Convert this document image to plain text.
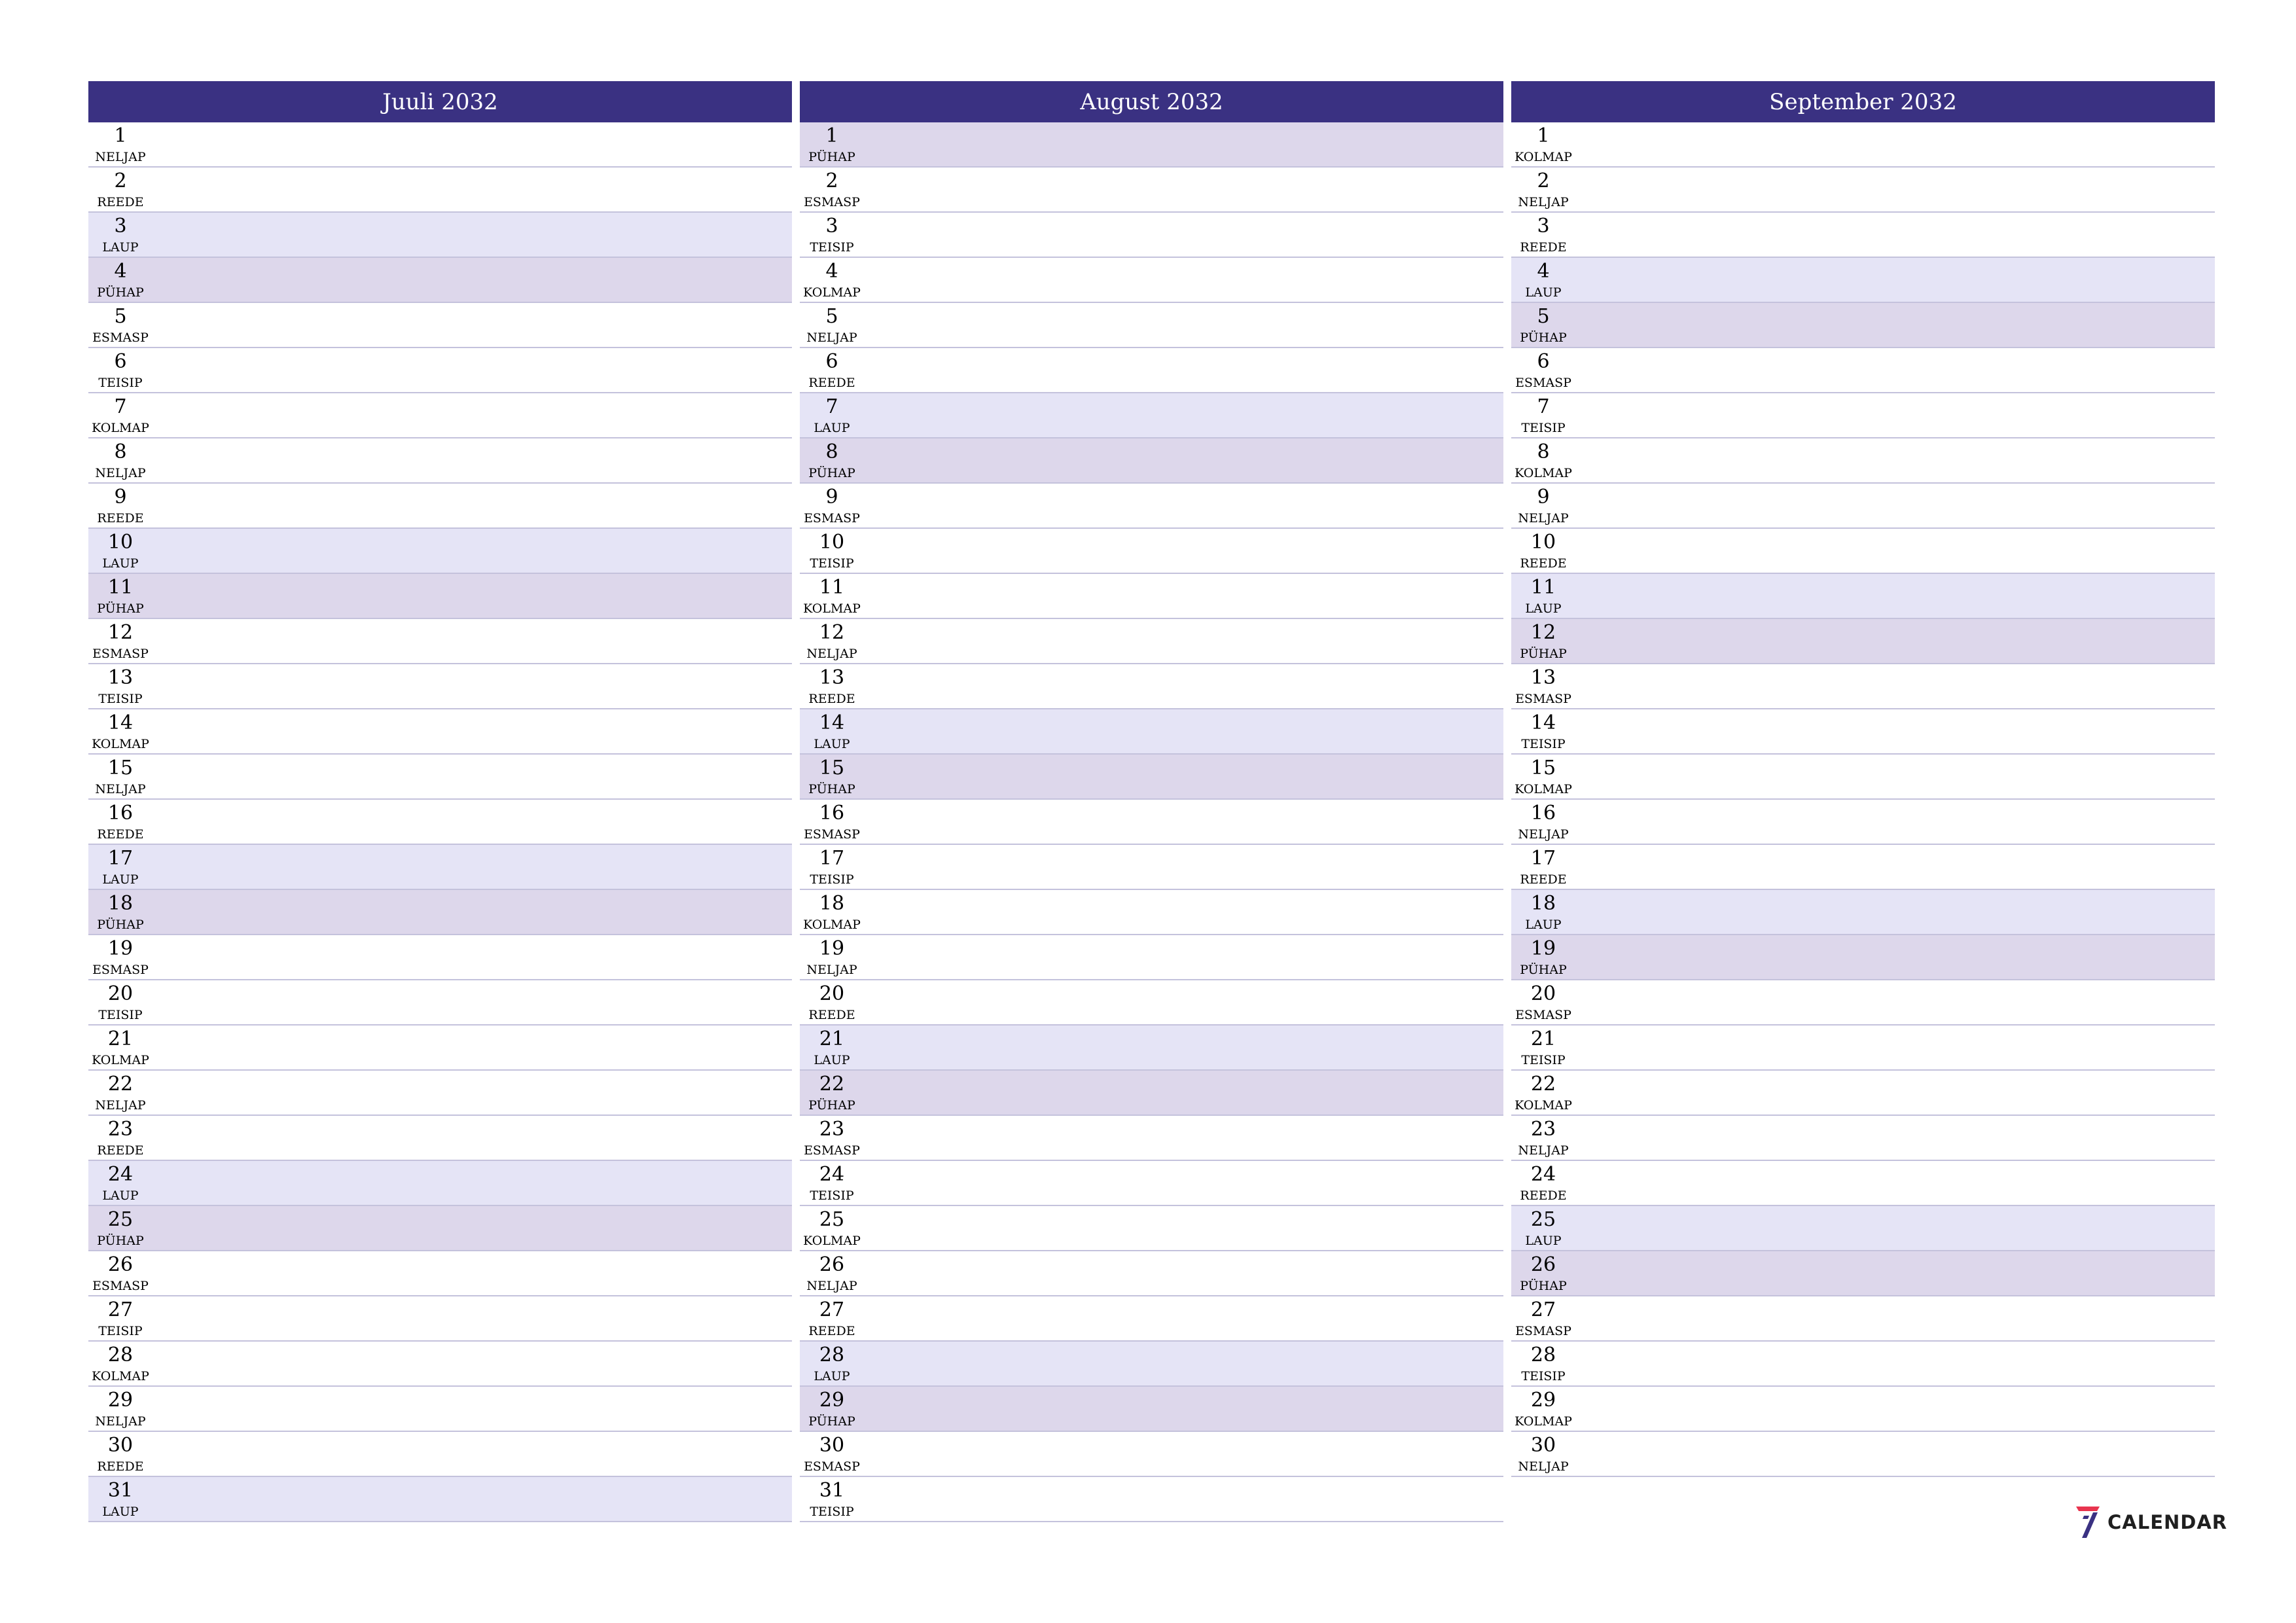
Juuli 2032
1
NELJAP
2
REEDE
3
LAUP
4
PÜHAP
5
ESMASP
6
TEISIP
7
KOLMAP
8
NELJAP
9
REEDE
10
LAUP
11
PÜHAP
12
ESMASP
13
TEISIP
14
KOLMAP
15
NELJAP
16
REEDE
17
LAUP
18
PÜHAP
19
ESMASP
20
TEISIP
21
KOLMAP
22
NELJAP
23
REEDE
24
LAUP
25
PÜHAP
26
ESMASP
27
TEISIP
28
KOLMAP
29
NELJAP
30
REEDE
31
LAUP
August 2032
1
PÜHAP
2
ESMASP
3
TEISIP
4
KOLMAP
5
NELJAP
6
REEDE
7
LAUP
8
PÜHAP
9
ESMASP
10
TEISIP
11
KOLMAP
12
NELJAP
13
REEDE
14
LAUP
15
PÜHAP
16
ESMASP
17
TEISIP
18
KOLMAP
19
NELJAP
20
REEDE
21
LAUP
22
PÜHAP
23
ESMASP
24
TEISIP
25
KOLMAP
26
NELJAP
27
REEDE
28
LAUP
29
PÜHAP
30
ESMASP
31
TEISIP
September 2032
1
KOLMAP
2
NELJAP
3
REEDE
4
LAUP
5
PÜHAP
6
ESMASP
7
TEISIP
8
KOLMAP
9
NELJAP
10
REEDE
11
LAUP
12
PÜHAP
13
ESMASP
14
TEISIP
15
KOLMAP
16
NELJAP
17
REEDE
18
LAUP
19
PÜHAP
20
ESMASP
21
TEISIP
22
KOLMAP
23
NELJAP
24
REEDE
25
LAUP
26
PÜHAP
27
ESMASP
28
TEISIP
29
KOLMAP
30
NELJAP
CALENDAR
